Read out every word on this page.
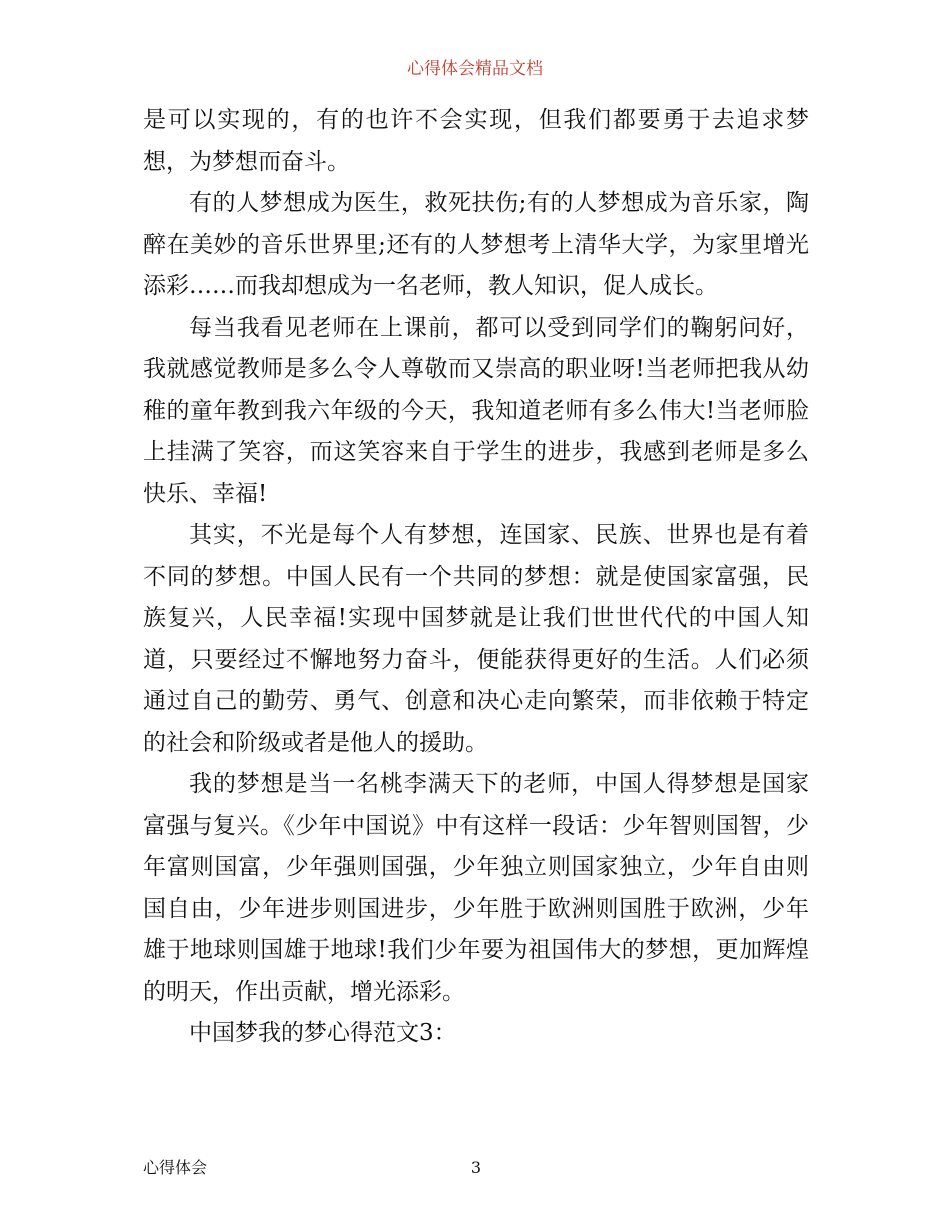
心得体会精品文档

是可以实现的，有的也许不会实现，但我们都要勇于去追求梦想，为梦想而奋斗。

有的人梦想成为医生，救死扶伤;有的人梦想成为音乐家，陶醉在美妙的音乐世界里;还有的人梦想考上清华大学，为家里增光添彩……而我却想成为一名老师，教人知识，促人成长。

每当我看见老师在上课前，都可以受到同学们的鞠躬问好，我就感觉教师是多么令人尊敬而又崇高的职业呀!当老师把我从幼稚的童年教到我六年级的今天，我知道老师有多么伟大!当老师脸上挂满了笑容，而这笑容来自于学生的进步，我感到老师是多么快乐、幸福!

其实，不光是每个人有梦想，连国家、民族、世界也是有着不同的梦想。中国人民有一个共同的梦想：就是使国家富强，民族复兴，人民幸福!实现中国梦就是让我们世世代代的中国人知道，只要经过不懈地努力奋斗，便能获得更好的生活。人们必须通过自己的勤劳、勇气、创意和决心走向繁荣，而非依赖于特定的社会和阶级或者是他人的援助。

我的梦想是当一名桃李满天下的老师，中国人得梦想是国家富强与复兴。《少年中国说》中有这样一段话：少年智则国智，少年富则国富，少年强则国强，少年独立则国家独立，少年自由则国自由，少年进步则国进步，少年胜于欧洲则国胜于欧洲，少年雄于地球则国雄于地球!我们少年要为祖国伟大的梦想，更加辉煌的明天，作出贡献，增光添彩。

中国梦我的梦心得范文3：

心得体会	3
